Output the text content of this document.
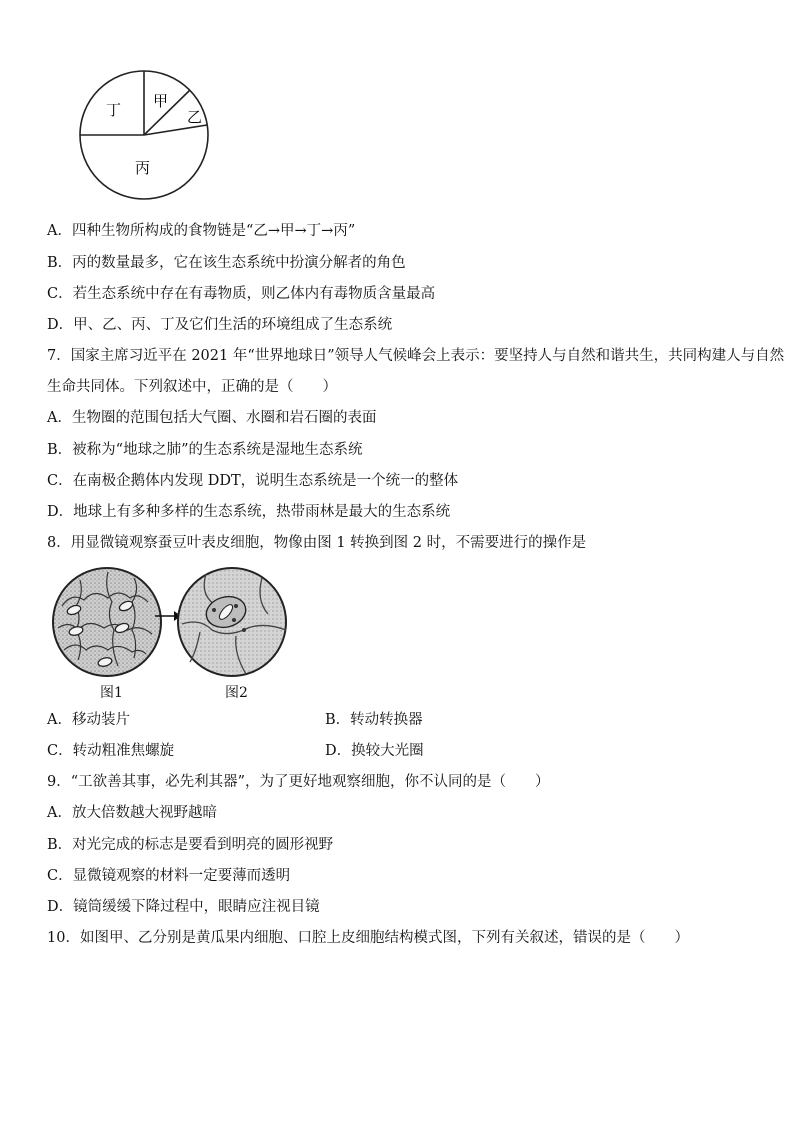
丁 甲
乙
丙
A．四种生物所构成的食物链是“乙→甲→丁→丙”
B．丙的数量最多，它在该生态系统中扮演分解者的角色
C．若生态系统中存在有毒物质，则乙体内有毒物质含量最高
D．甲、乙、丙、丁及它们生活的环境组成了生态系统
7．国家主席习近平在 2021 年“世界地球日”领导人气候峰会上表示：要坚持人与自然和谐共生，共同构建人与自然
生命共同体。下列叙述中，正确的是（　　）
A．生物圈的范围包括大气圈、水圈和岩石圈的表面
B．被称为“地球之肺”的生态系统是湿地生态系统
C．在南极企鹅体内发现 DDT，说明生态系统是一个统一的整体
D．地球上有多种多样的生态系统，热带雨林是最大的生态系统
8．用显微镜观察蚕豆叶表皮细胞，物像由图 1 转换到图 2 时，不需要进行的操作是
图1	图2
A．移动装片	B．转动转换器
C．转动粗准焦螺旋	D．换较大光圈
9．“工欲善其事，必先利其器”，为了更好地观察细胞，你不认同的是（　　）
A．放大倍数越大视野越暗
B．对光完成的标志是要看到明亮的圆形视野
C．显微镜观察的材料一定要薄而透明
D．镜筒缓缓下降过程中，眼睛应注视目镜
10．如图甲、乙分别是黄瓜果内细胞、口腔上皮细胞结构模式图，下列有关叙述，错误的是（　　）
